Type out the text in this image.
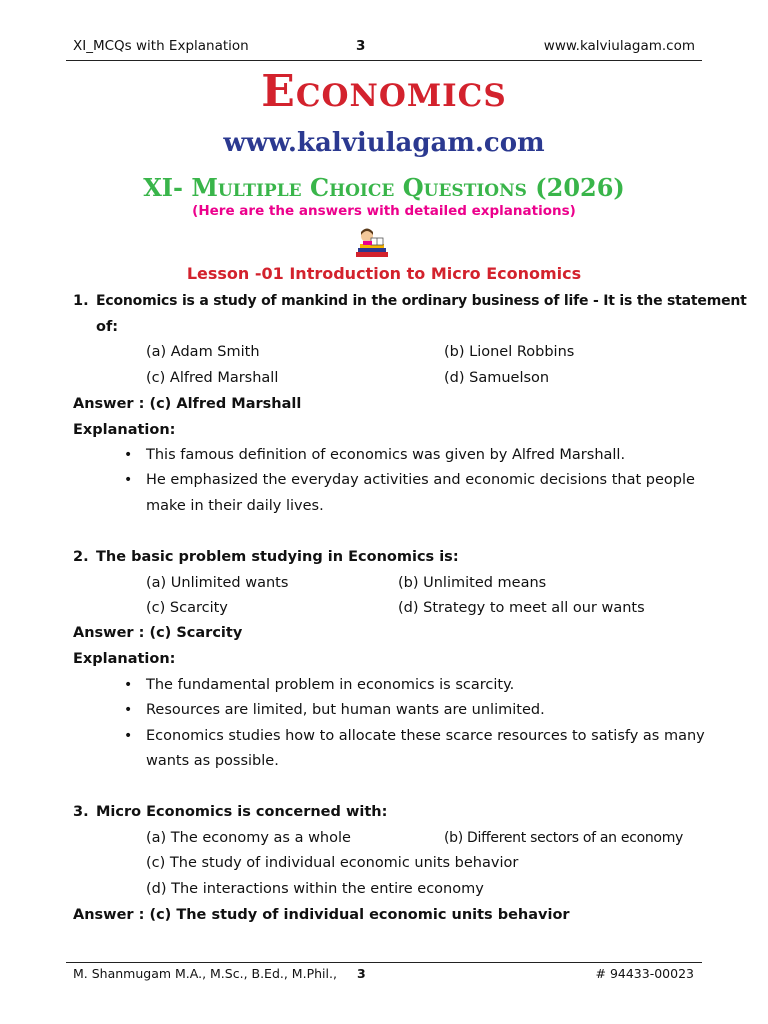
XI_MCQs with Explanation	3	www.kalviulagam.com
Economics
www.kalviulagam.com
XI- Multiple Choice Questions (2026)
(Here are the answers with detailed explanations)
Lesson -01 Introduction to Micro Economics
1. Economics is a study of mankind in the ordinary business of life - It is the statement
of:
(a) Adam Smith	(b) Lionel Robbins
(c) Alfred Marshall	(d) Samuelson
Answer : (c) Alfred Marshall
Explanation:
• This famous definition of economics was given by Alfred Marshall.
• He emphasized the everyday activities and economic decisions that people
make in their daily lives.
2. The basic problem studying in Economics is:
(a) Unlimited wants	(b) Unlimited means
(c) Scarcity	(d) Strategy to meet all our wants
Answer : (c) Scarcity
Explanation:
• The fundamental problem in economics is scarcity.
• Resources are limited, but human wants are unlimited.
• Economics studies how to allocate these scarce resources to satisfy as many
wants as possible.
3. Micro Economics is concerned with:
(a) The economy as a whole	(b) Different sectors of an economy
(c) The study of individual economic units behavior
(d) The interactions within the entire economy
Answer : (c) The study of individual economic units behavior
M. Shanmugam M.A., M.Sc., B.Ed., M.Phil., 3	# 94433-00023
